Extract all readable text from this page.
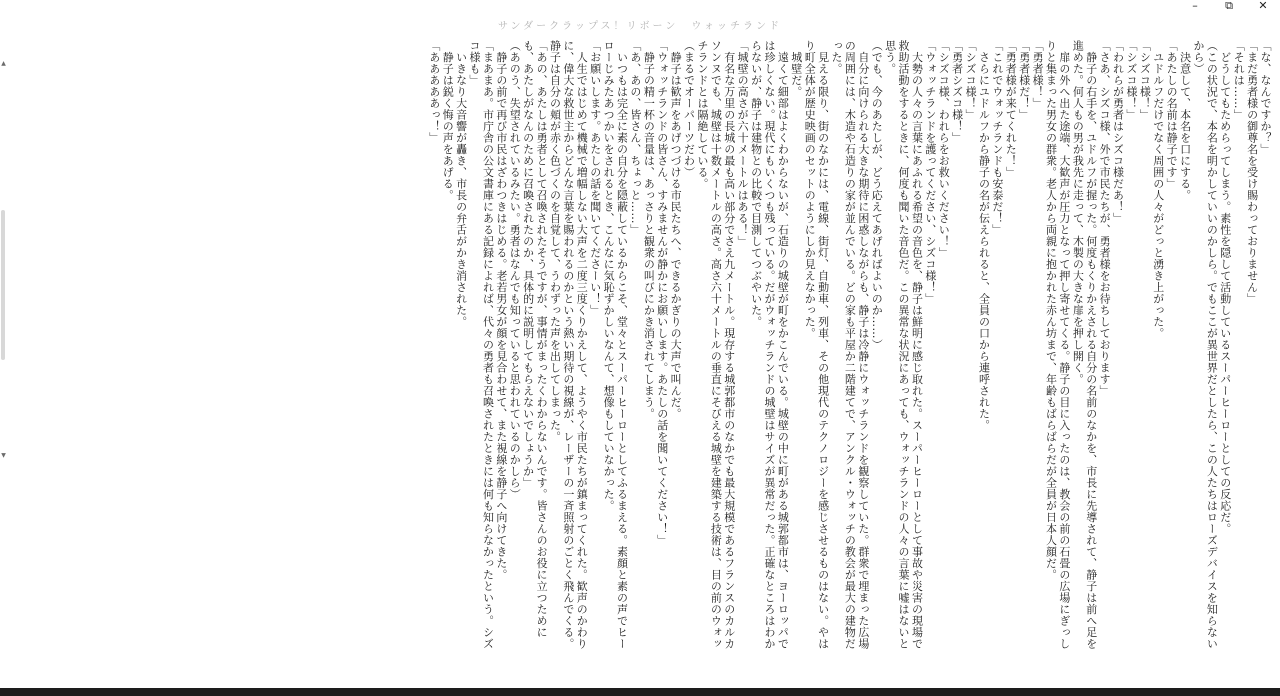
サンダークラップス！リボーン　ウォッチランド
–	⧉	✕
▲
▼

「な、なんですか？」

「まだ勇者様の御尊名を受け賜わっておりません」

「それは……」

　どうしてもためらってしまう。素性を隠して活動しているスーパーヒーローとしての反応だ。

（この状況で、本名を明かしていいのかしら。でもここが異世界だとしたら、この人たちはローズデバイスを知らないから）

　決意して、本名を口にする。

「あたしの名前は静子です」

　ユドルフだけでなく周囲の人々がどっと湧き上がった。

「シズコ様！」

「シズコ様！」

「われらが勇者はシズコ様だあ！」

「さあ、シズコ様、外で市民たちが、勇者様をお待ちしております」

　静子の右手を、ユドルフが握った。何度もくりかえされる自分の名前のなかを、市長に先導されて、静子は前へ足を進めた。何人もの男が我先に走って、木製の大きな扉を押し開く。

　扉の外へ出た途端、大歓声が圧力となって押し寄せてくる。静子の目に入ったのは、教会の前の石畳の広場にぎっしりと集まった男女の群衆。老人から両親に抱かれた赤ん坊まで、年齢もばらばらだが全員が日本人顔だ。

「勇者様！」

「勇者様だ！」

「勇者様が来てくれた！」

「これでウォッチランドも安泰だ！」

　さらにユドルフから静子の名が伝えられると、全員の口から連呼された。

「シズコ様！」

「勇者シズコ様！」

「シズコ様、われらをお救いください！」

「ウォッチランドを護ってください、シズコ様！」

　大勢の人々の言葉にあふれる希望の音色を、静子は鮮明に感じ取れた。スーパーヒーローとして事故や災害の現場で救助活動をするときに、何度も聞いた音色だ。この異常な状況にあっても、ウォッチランドの人々の言葉に嘘はないと思う。

（でも、今のあたしが、どう応えてあげればよいのか……）

　自分に向けられる大きな期待に困惑しながらも、静子は冷静にウォッチランドを観察していた。群衆で埋まった広場の周囲には、木造や石造りの家が並んでいる。どの家も平屋か二階建てで、アンクル・ウォッチの教会が最大の建物だった。

　見える限り、街のなかには、電線、街灯、自動車、列車、その他現代のテクノロジーを感じさせるものはない。やはり町全体が歴史映画のセットのようにしか見えなかった。

　城壁だ。

　遠くて細部はよくわからないが、石造りの城壁が町をかこんでいる。城壁の中に町がある城郭都市は、ヨーロッパでは珍しくない。現代にもいくつも残っている。だがウォッチランドの城壁はサイズが異常だった。正確なところはわからないが、静子は建物との比較で目測してつぶやいた。

「城壁の高さが六十メートルはある！」

　有名な万里の長城の最も高い部分でさえ九メートル。現存する城郭都市のなかでも最大規模であるフランスのカルカソンヌでも、城壁は十数メートルの高さ。高さ六十メートルの垂直にそびえる城壁を建築する技術は、目の前のウォッチランドとは隔絶している。

（まるでオーパーツだわ）

　静子は歓声をあげつづける市民たちへ、できるかぎりの大声で叫んだ。

「ウォッチランドの皆さん、すみませんが静かにお願いします。あたしの話を聞いてください！」

　静子の精一杯の音量は、あっさりと観衆の叫びにかき消されてしまう。

「あ、あの、皆さん、ちょっと……」

　いつもは完全に素の自分を隠蔽しているからこそ、堂々とスーパーヒーローとしてふるまえる。素顔と素の声でヒーローじみたあつかいをされるとき、こんなに気恥ずかしいなんて、想像もしていなかった。

「お願いします。あたしの話を聞いてくださーい！」

　人生ではじめて機械で増幅しない大声を二度三度くりかえして、ようやく市民たちが鎮まってくれた。歓声のかわりに、偉大な救世主からどんな言葉を賜われるのかという熱い期待の視線が、レーザーの一斉照射のごとく飛んでくる。静子は自分の頬が赤く色づくのを自覚して、うわずった声を出してしまった。

「あの、あたしは勇者として召喚されたそうですが、事情がまったくわからないんです。皆さんのお役に立つためにも、あたしがなんのために召喚されたのか、具体的に説明してもらえないでしょうか」

（あのう、失望されているみたい。勇者はなんでも知っていると思われているのかしら）

　静子の前で再び市民はざわつきはじめる。老若男女が顔を見合わせて、また視線を静子へ向けてきた。

「まあまあ。市庁舎の公文書庫にある記録によれば、代々の勇者も召喚されたときには何も知らなかったという。シズコ様も」

　いきなり大音響が轟き、市長の弁舌がかき消された。

　静子は鋭く悔の声をあげる。

「あああああっ！」
